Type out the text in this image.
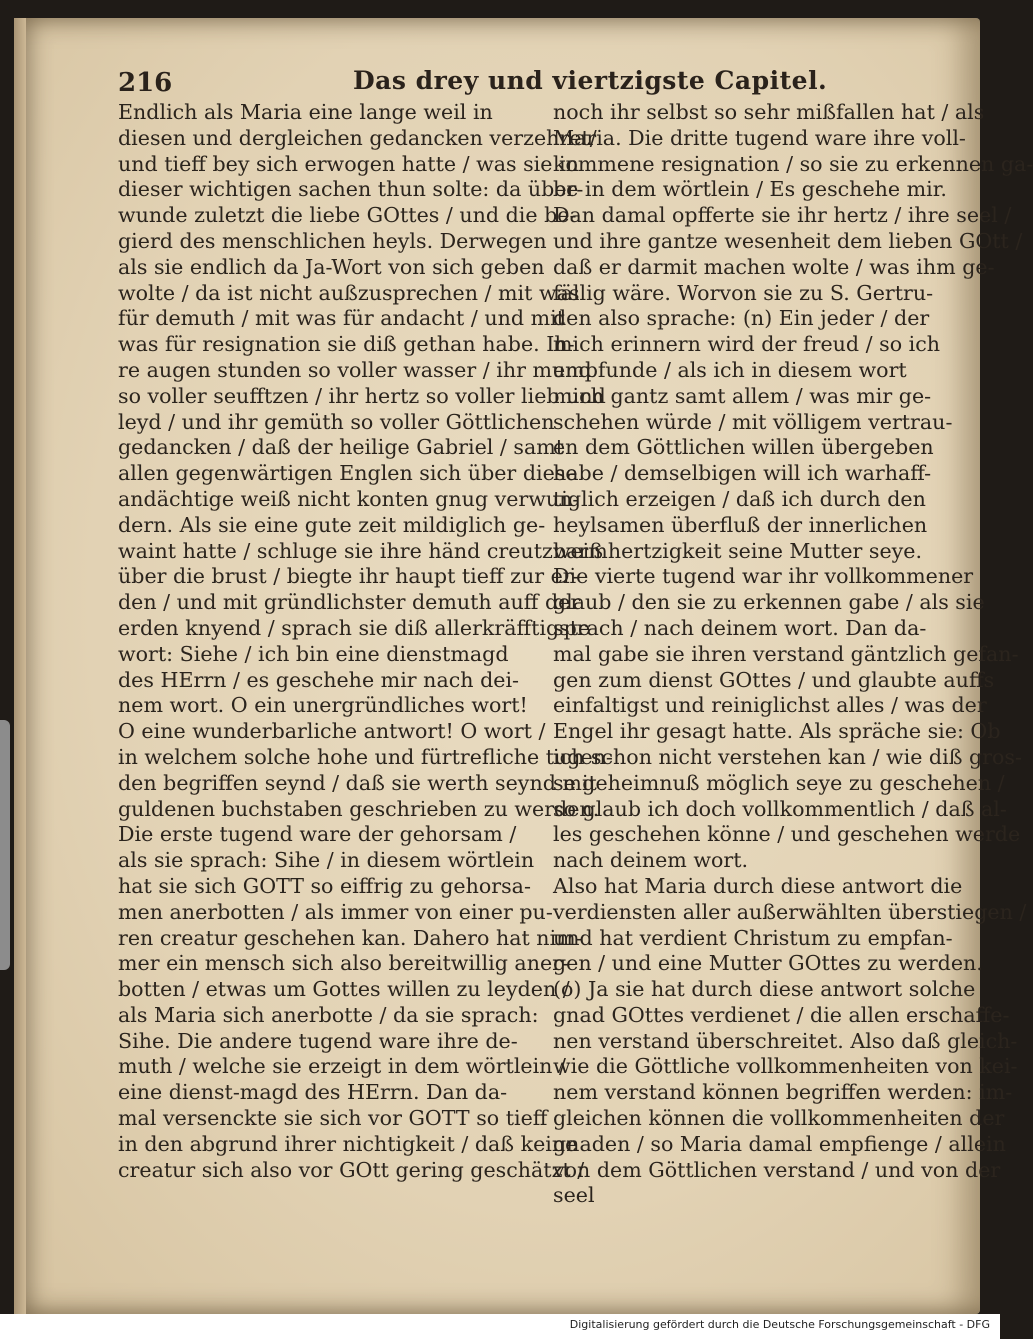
216	Das drey und viertzigste Capitel.
Endlich als Maria eine lange weil in
diesen und dergleichen gedancken verzehret/
und tieff bey sich erwogen hatte / was sie in
dieser wichtigen sachen thun solte: da über-
wunde zuletzt die liebe GOttes / und die be-
gierd des menschlichen heyls. Derwegen
als sie endlich da Ja-Wort von sich geben
wolte / da ist nicht außzusprechen / mit was
für demuth / mit was für andacht / und mit
was für resignation sie diß gethan habe. Ih-
re augen stunden so voller wasser / ihr mund
so voller seufftzen / ihr hertz so voller lieb und
leyd / und ihr gemüth so voller Göttlichen
gedancken / daß der heilige Gabriel / samt
allen gegenwärtigen Englen sich über diese
andächtige weiß nicht konten gnug verwun-
dern. Als sie eine gute zeit mildiglich ge-
waint hatte / schluge sie ihre händ creutzweiß
über die brust / biegte ihr haupt tieff zur er-
den / und mit gründlichster demuth auff der
erden knyend / sprach sie diß allerkräfftigste
wort: Siehe / ich bin eine dienstmagd
des HErrn / es geschehe mir nach dei-
nem wort. O ein unergründliches wort!
O eine wunderbarliche antwort! O wort /
in welchem solche hohe und fürtrefliche tugen-
den begriffen seynd / daß sie werth seynd mit
guldenen buchstaben geschrieben zu werden.
Die erste tugend ware der gehorsam /
als sie sprach: Sihe / in diesem wörtlein
hat sie sich GOTT so eiffrig zu gehorsa-
men anerbotten / als immer von einer pu-
ren creatur geschehen kan. Dahero hat nim-
mer ein mensch sich also bereitwillig aner-
botten / etwas um Gottes willen zu leyden /
als Maria sich anerbotte / da sie sprach:
Sihe. Die andere tugend ware ihre de-
muth / welche sie erzeigt in dem wörtlein /
eine dienst-magd des HErrn. Dan da-
mal versenckte sie sich vor GOTT so tieff
in den abgrund ihrer nichtigkeit / daß keine
creatur sich also vor GOtt gering geschätzt /
noch ihr selbst so sehr mißfallen hat / als
Maria. Die dritte tugend ware ihre voll-
kommene resignation / so sie zu erkennen ga-
be in dem wörtlein / Es geschehe mir.
Dan damal opfferte sie ihr hertz / ihre seel /
und ihre gantze wesenheit dem lieben GOtt /
daß er darmit machen wolte / was ihm ge-
fällig wäre. Worvon sie zu S. Gertru-
den also sprache: (n) Ein jeder / der
mich erinnern wird der freud / so ich
empfunde / als ich in diesem wort
mich gantz samt allem / was mir ge-
schehen würde / mit völligem vertrau-
en dem Göttlichen willen übergeben
habe / demselbigen will ich warhaff-
tiglich erzeigen / daß ich durch den
heylsamen überfluß der innerlichen
barmhertzigkeit seine Mutter seye.
Die vierte tugend war ihr vollkommener
glaub / den sie zu erkennen gabe / als sie
sprach / nach deinem wort. Dan da-
mal gabe sie ihren verstand gäntzlich gefan-
gen zum dienst GOttes / und glaubte auffs
einfaltigst und reiniglichst alles / was der
Engel ihr gesagt hatte. Als spräche sie: Ob
ich schon nicht verstehen kan / wie diß gros-
se geheimnuß möglich seye zu geschehen /
so glaub ich doch vollkommentlich / daß al-
les geschehen könne / und geschehen werde
nach deinem wort.
Also hat Maria durch diese antwort die
verdiensten aller außerwählten überstiegen /
und hat verdient Christum zu empfan-
gen / und eine Mutter GOttes zu werden.
(o) Ja sie hat durch diese antwort solche
gnad GOttes verdienet / die allen erschaffe-
nen verstand überschreitet. Also daß gleich-
wie die Göttliche vollkommenheiten von kei-
nem verstand können begriffen werden: im-
gleichen können die vollkommenheiten der
gnaden / so Maria damal empfienge / allein
von dem Göttlichen verstand / und von der
seel
Digitalisierung gefördert durch die Deutsche Forschungsgemeinschaft - DFG
